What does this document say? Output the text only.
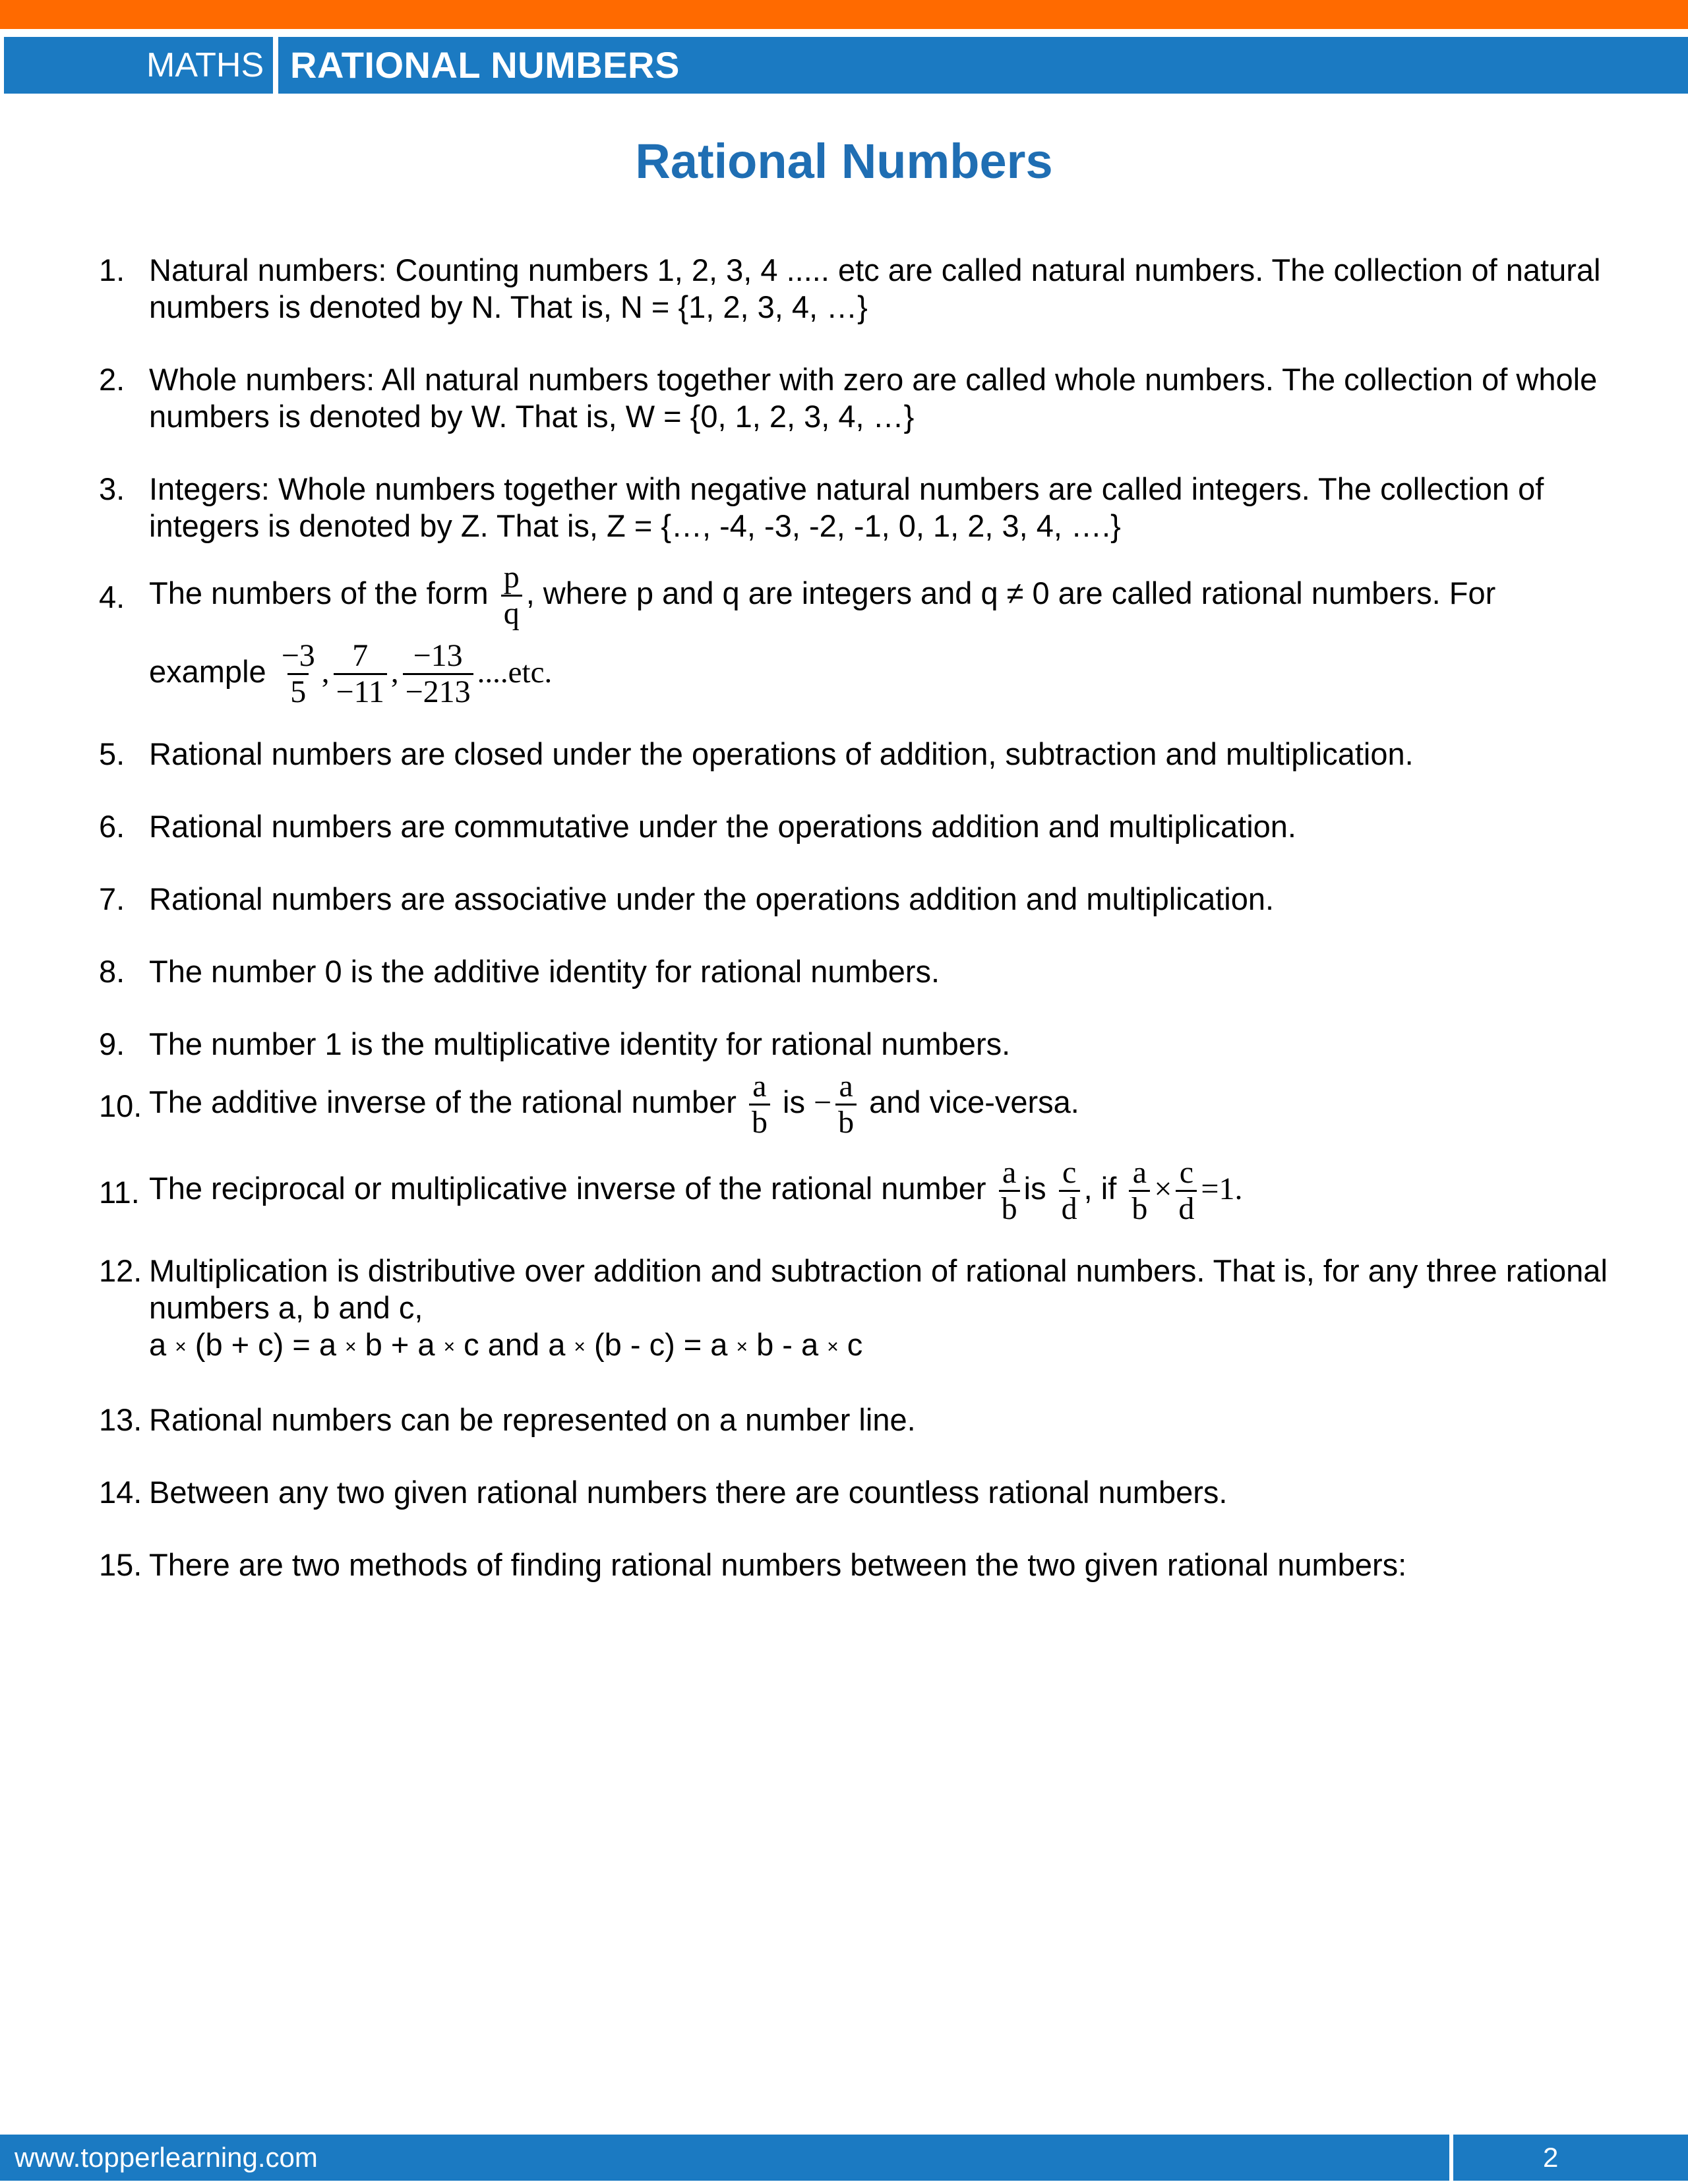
MATHS RATIONAL NUMBERS
Rational Numbers
1. Natural numbers: Counting numbers 1, 2, 3, 4 ..... etc are called natural numbers. The collection of natural numbers is denoted by N. That is, N = {1, 2, 3, 4, …}
2. Whole numbers: All natural numbers together with zero are called whole numbers. The collection of whole numbers is denoted by W. That is, W = {0, 1, 2, 3, 4, …}
3. Integers: Whole numbers together with negative natural numbers are called integers. The collection of integers is denoted by Z. That is, Z = {…, -4, -3, -2, -1, 0, 1, 2, 3, 4, ….}
4. The numbers of the form $\frac{p}{q}$ , where p and q are integers and q ≠ 0 are called rational numbers. For
example $\frac{-3}{5}$ , $\frac{7}{-11}$ , $\frac{-13}{-213} ....etc$.
5. Rational numbers are closed under the operations of addition, subtraction and multiplication.
6. Rational numbers are commutative under the operations addition and multiplication.
7. Rational numbers are associative under the operations addition and multiplication.
8. The number 0 is the additive identity for rational numbers.
9. The number 1 is the multiplicative identity for rational numbers.
10. The additive inverse of the rational number $\frac{a}{b}$ is − $\frac{a}{b}$ and vice-versa.
11. The reciprocal or multiplicative inverse of the rational number $\frac{a}{b}$ is $\frac{c}{d}$ , if $\frac{a}{b} \times \frac{c}{d} =1$.
12. Multiplication is distributive over addition and subtraction of rational numbers. That is, for any three rational numbers a, b and c,
a × (b + c) = a × b + a × c and a × (b - c) = a × b - a × c
13. Rational numbers can be represented on a number line.
14. Between any two given rational numbers there are countless rational numbers.
15. There are two methods of finding rational numbers between the two given rational numbers:
www.topperlearning.com	2
